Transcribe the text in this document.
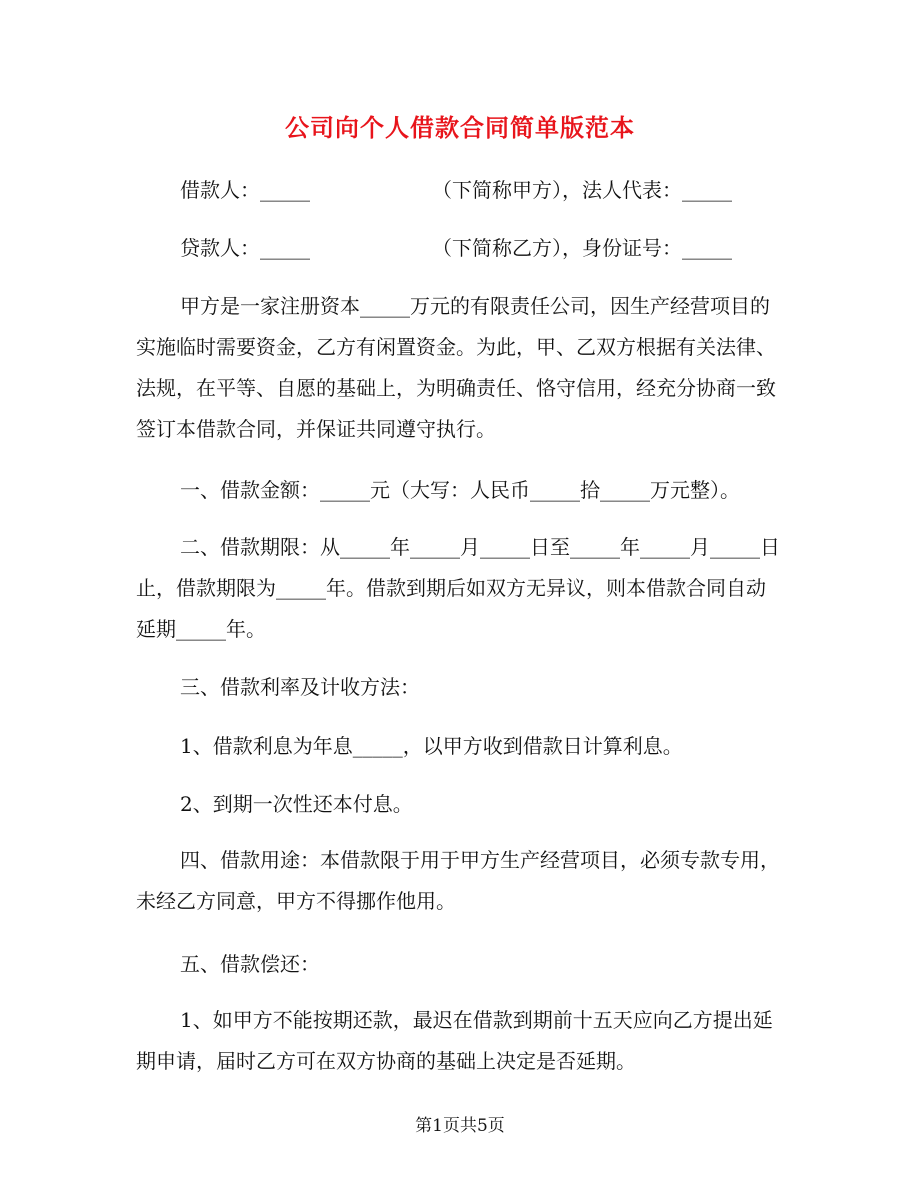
公司向个人借款合同简单版范本
借款人：_____	（下简称甲方），法人代表：_____
贷款人：_____	（下简称乙方），身份证号：_____

甲方是一家注册资本_____万元的有限责任公司，因生产经营项目的实施临时需要资金，乙方有闲置资金。为此，甲、乙双方根据有关法律、法规，在平等、自愿的基础上，为明确责任、恪守信用，经充分协商一致签订本借款合同，并保证共同遵守执行。

一、借款金额：_____元（大写：人民币_____拾_____万元整）。

二、借款期限：从_____年_____月_____日至_____年_____月_____日止，借款期限为_____年。借款到期后如双方无异议，则本借款合同自动延期_____年。

三、借款利率及计收方法：

1、借款利息为年息_____，以甲方收到借款日计算利息。

2、到期一次性还本付息。

四、借款用途：本借款限于用于甲方生产经营项目，必须专款专用，未经乙方同意，甲方不得挪作他用。

五、借款偿还：

1、如甲方不能按期还款，最迟在借款到期前十五天应向乙方提出延期申请，届时乙方可在双方协商的基础上决定是否延期。

第1页共5页
